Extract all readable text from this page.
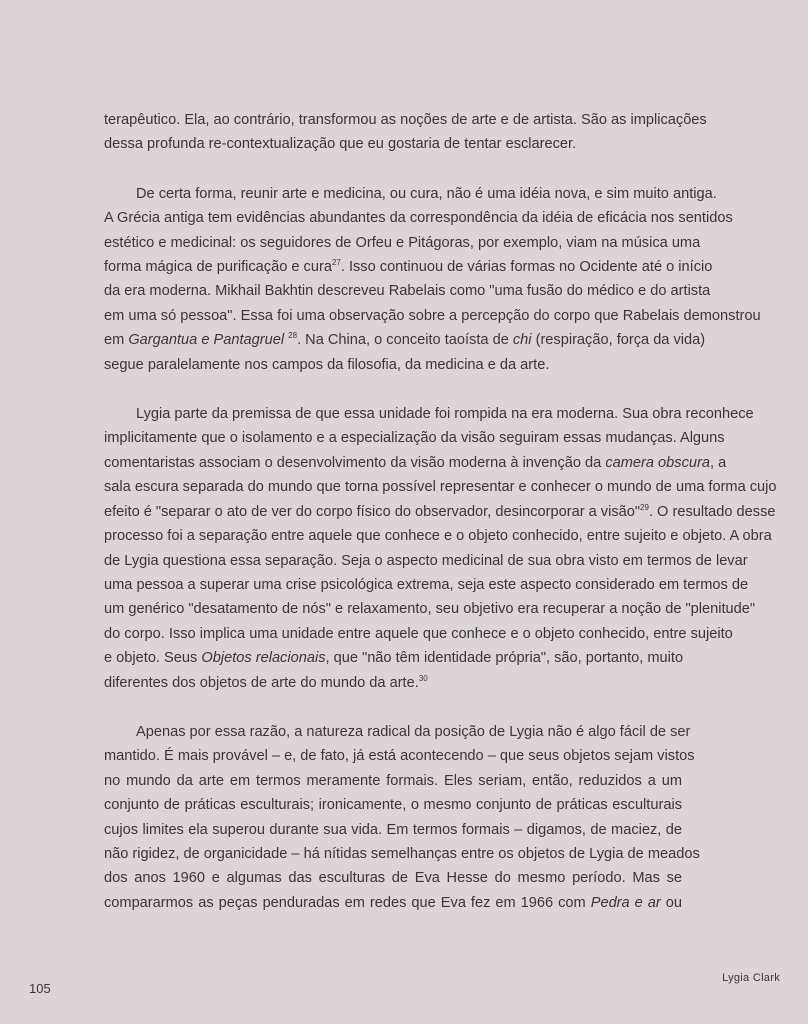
terapêutico. Ela, ao contrário, transformou as noções de arte e de artista. São as implicações
dessa profunda re-contextualização que eu gostaria de tentar esclarecer.

De certa forma, reunir arte e medicina, ou cura, não é uma idéia nova, e sim muito antiga.
A Grécia antiga tem evidências abundantes da correspondência da idéia de eficácia nos sentidos
estético e medicinal: os seguidores de Orfeu e Pitágoras, por exemplo, viam na música uma
forma mágica de purificação e cura$^{27}$. Isso continuou de várias formas no Ocidente até o início
da era moderna. Mikhail Bakhtin descreveu Rabelais como "uma fusão do médico e do artista
em uma só pessoa". Essa foi uma observação sobre a percepção do corpo que Rabelais demonstrou
em Gargantua e Pantagruel $^{28}$. Na China, o conceito taoísta de chi (respiração, força da vida)
segue paralelamente nos campos da filosofia, da medicina e da arte.

Lygia parte da premissa de que essa unidade foi rompida na era moderna. Sua obra reconhece
implicitamente que o isolamento e a especialização da visão seguiram essas mudanças. Alguns
comentaristas associam o desenvolvimento da visão moderna à invenção da camera obscura, a
sala escura separada do mundo que torna possível representar e conhecer o mundo de uma forma cujo
efeito é "separar o ato de ver do corpo físico do observador, desincorporar a visão"$^{29}$. O resultado desse
processo foi a separação entre aquele que conhece e o objeto conhecido, entre sujeito e objeto. A obra
de Lygia questiona essa separação. Seja o aspecto medicinal de sua obra visto em termos de levar
uma pessoa a superar uma crise psicológica extrema, seja este aspecto considerado em termos de
um genérico "desatamento de nós" e relaxamento, seu objetivo era recuperar a noção de "plenitude"
do corpo. Isso implica uma unidade entre aquele que conhece e o objeto conhecido, entre sujeito
e objeto. Seus Objetos relacionais, que "não têm identidade própria", são, portanto, muito
diferentes dos objetos de arte do mundo da arte.$^{30}$

Apenas por essa razão, a natureza radical da posição de Lygia não é algo fácil de ser
mantido. É mais provável – e, de fato, já está acontecendo – que seus objetos sejam vistos
no mundo da arte em termos meramente formais. Eles seriam, então, reduzidos a um
conjunto de práticas esculturais; ironicamente, o mesmo conjunto de práticas esculturais
cujos limites ela superou durante sua vida. Em termos formais – digamos, de maciez, de
não rigidez, de organicidade – há nítidas semelhanças entre os objetos de Lygia de meados
dos anos 1960 e algumas das esculturas de Eva Hesse do mesmo período. Mas se
compararmos as peças penduradas em redes que Eva fez em 1966 com Pedra e ar ou

105
Lygia Clark
